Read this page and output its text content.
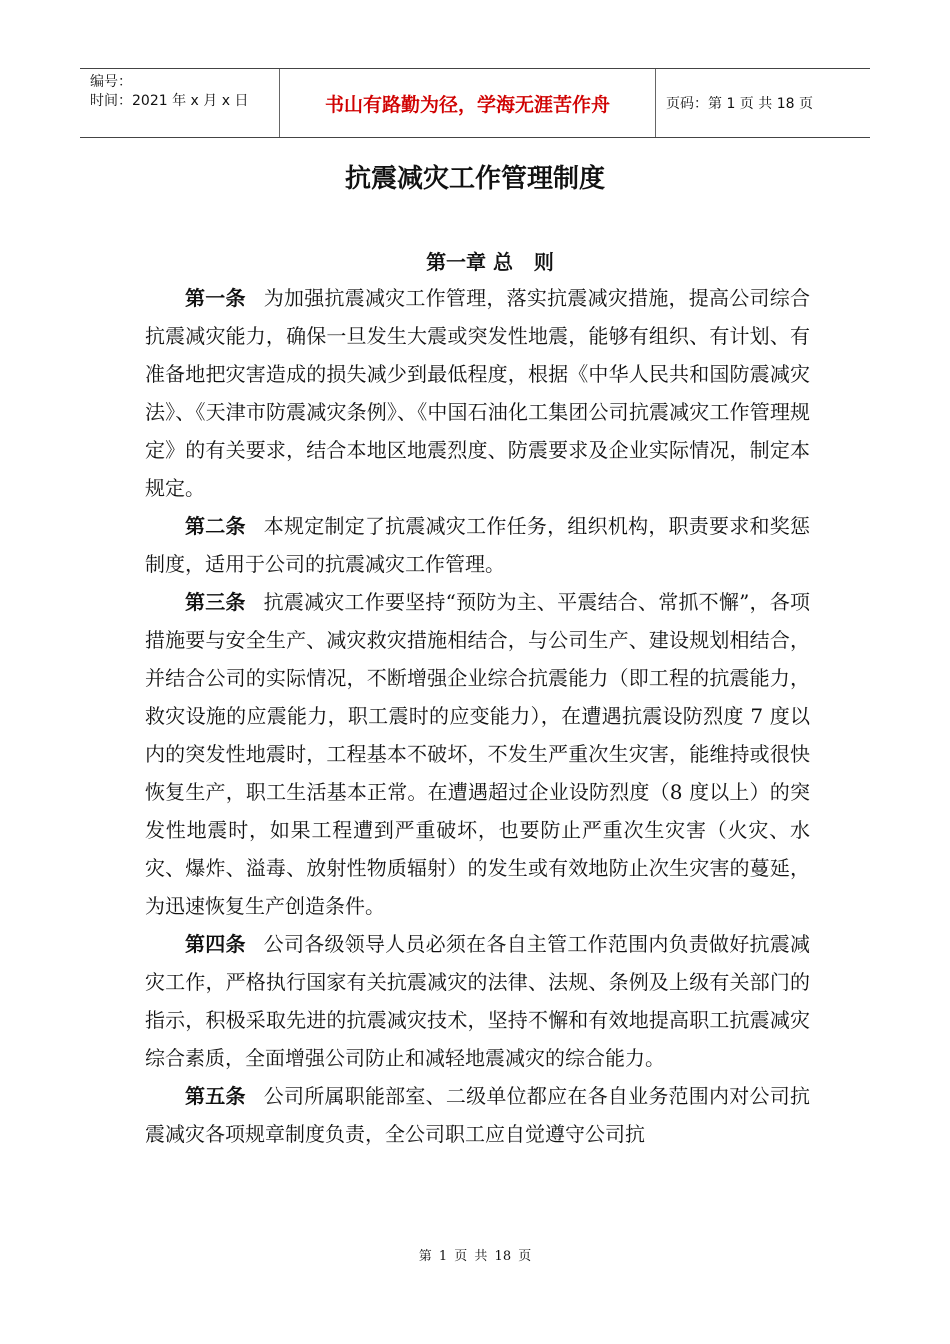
编号：
时间：2021 年 x 月 x 日	书山有路勤为径，学海无涯苦作舟	页码：第 1 页 共 18 页
抗震减灾工作管理制度
第一章 总   则

第一条 为加强抗震减灾工作管理，落实抗震减灾措施，提高公司综合抗震减灾能力，确保一旦发生大震或突发性地震，能够有组织、有计划、有准备地把灾害造成的损失减少到最低程度，根据《中华人民共和国防震减灾法》、《天津市防震减灾条例》、《中国石油化工集团公司抗震减灾工作管理规定》的有关要求，结合本地区地震烈度、防震要求及企业实际情况，制定本规定。

第二条 本规定制定了抗震减灾工作任务，组织机构，职责要求和奖惩制度，适用于公司的抗震减灾工作管理。

第三条 抗震减灾工作要坚持“预防为主、平震结合、常抓不懈”，各项措施要与安全生产、减灾救灾措施相结合，与公司生产、建设规划相结合，并结合公司的实际情况，不断增强企业综合抗震能力（即工程的抗震能力，救灾设施的应震能力，职工震时的应变能力），在遭遇抗震设防烈度 7 度以内的突发性地震时，工程基本不破坏，不发生严重次生灾害，能维持或很快恢复生产，职工生活基本正常。在遭遇超过企业设防烈度（8 度以上）的突发性地震时，如果工程遭到严重破坏，也要防止严重次生灾害（火灾、水灾、爆炸、溢毒、放射性物质辐射）的发生或有效地防止次生灾害的蔓延，为迅速恢复生产创造条件。

第四条 公司各级领导人员必须在各自主管工作范围内负责做好抗震减灾工作，严格执行国家有关抗震减灾的法律、法规、条例及上级有关部门的指示，积极采取先进的抗震减灾技术，坚持不懈和有效地提高职工抗震减灾综合素质，全面增强公司防止和减轻地震减灾的综合能力。

第五条 公司所属职能部室、二级单位都应在各自业务范围内对公司抗震减灾各项规章制度负责，全公司职工应自觉遵守公司抗

第 1 页 共 18 页
